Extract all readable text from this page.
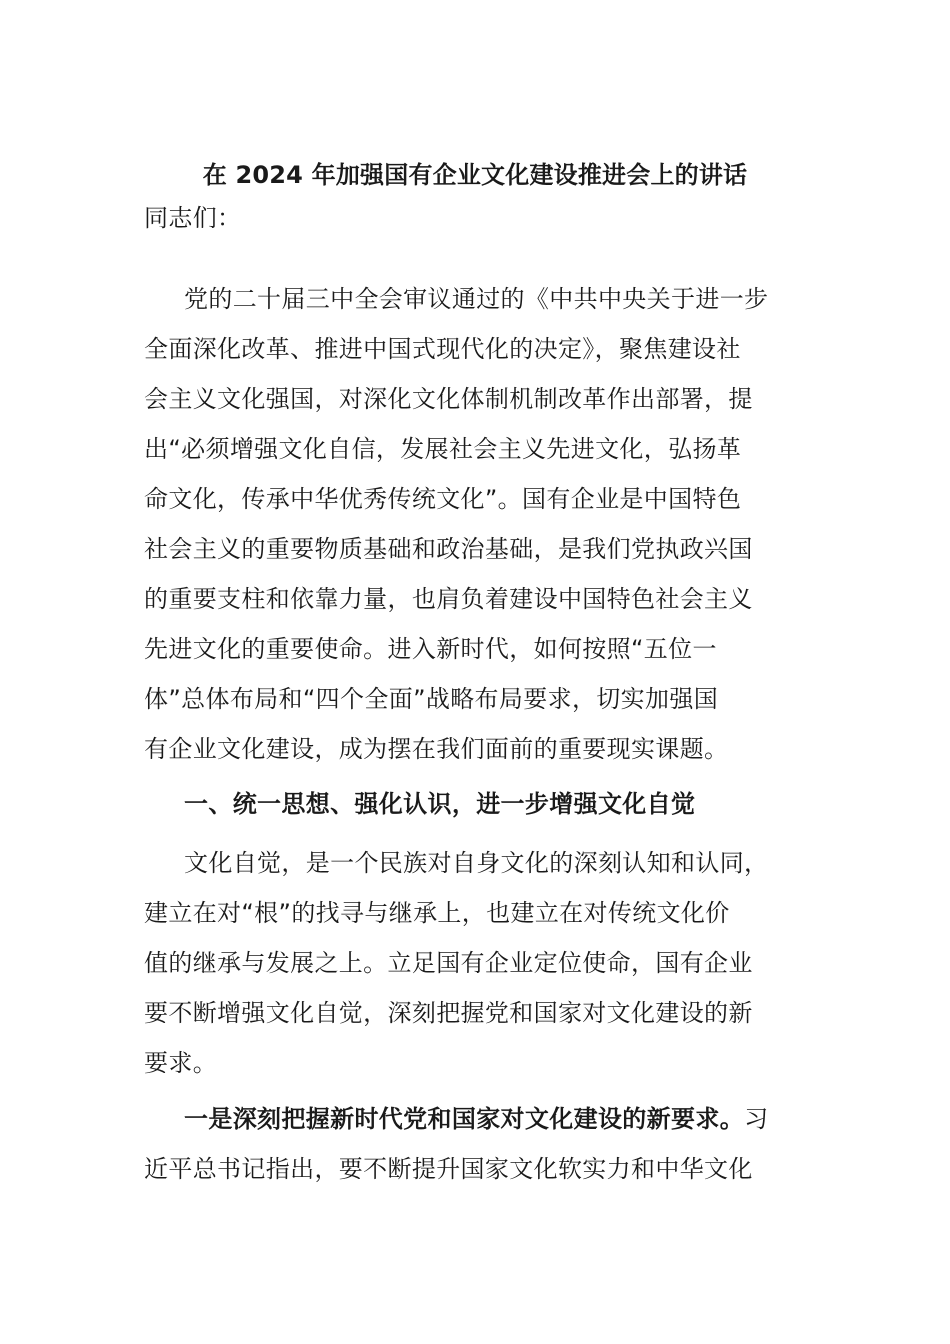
在 2024 年加强国有企业文化建设推进会上的讲话
同志们：
党的二十届三中全会审议通过的《中共中央关于进一步
全面深化改革、推进中国式现代化的决定》，聚焦建设社
会主义文化强国，对深化文化体制机制改革作出部署，提
出“必须增强文化自信，发展社会主义先进文化，弘扬革
命文化，传承中华优秀传统文化”。国有企业是中国特色
社会主义的重要物质基础和政治基础，是我们党执政兴国
的重要支柱和依靠力量，也肩负着建设中国特色社会主义
先进文化的重要使命。进入新时代，如何按照“五位一
体”总体布局和“四个全面”战略布局要求，切实加强国
有企业文化建设，成为摆在我们面前的重要现实课题。
一、统一思想、强化认识，进一步增强文化自觉
文化自觉，是一个民族对自身文化的深刻认知和认同，
建立在对“根”的找寻与继承上，也建立在对传统文化价
值的继承与发展之上。立足国有企业定位使命，国有企业
要不断增强文化自觉，深刻把握党和国家对文化建设的新
要求。
一是深刻把握新时代党和国家对文化建设的新要求。习
近平总书记指出，要不断提升国家文化软实力和中华文化
